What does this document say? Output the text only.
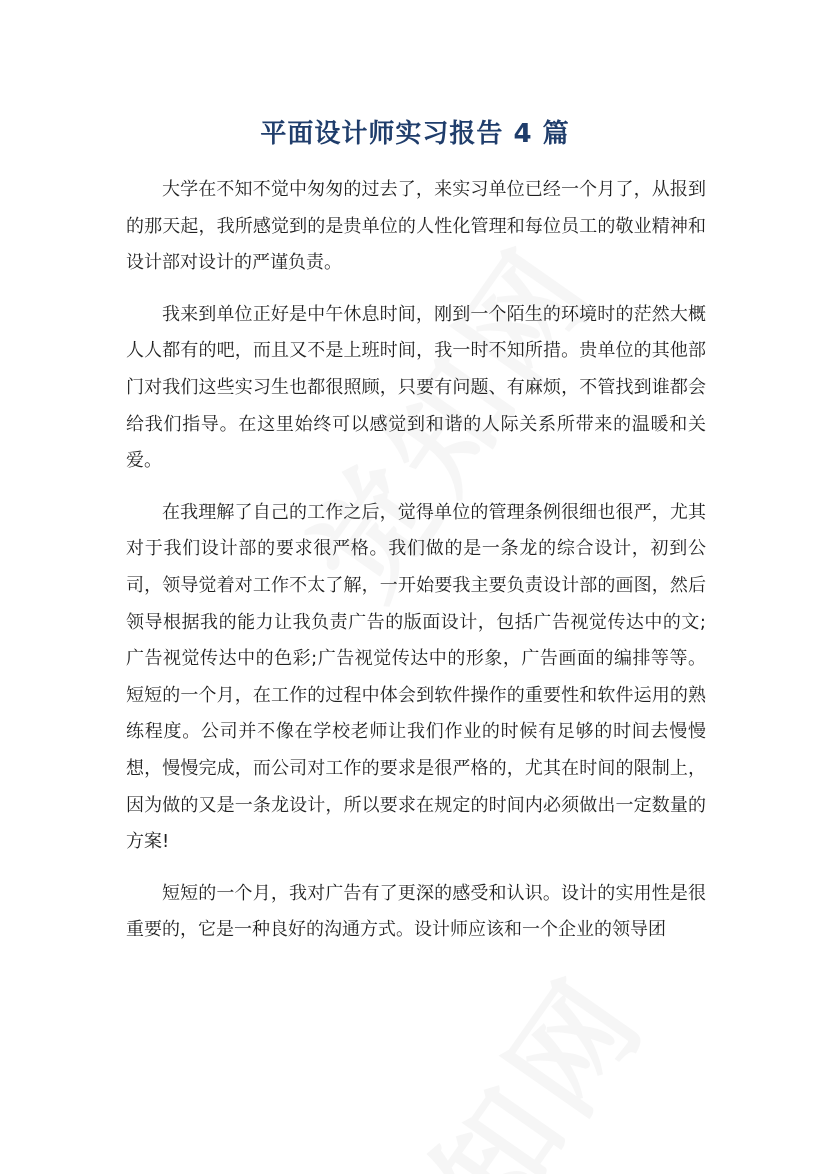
平面设计师实习报告 4 篇

大学在不知不觉中匆匆的过去了，来实习单位已经一个月了，从报到的那天起，我所感觉到的是贵单位的人性化管理和每位员工的敬业精神和设计部对设计的严谨负责。

我来到单位正好是中午休息时间，刚到一个陌生的环境时的茫然大概人人都有的吧，而且又不是上班时间，我一时不知所措。贵单位的其他部门对我们这些实习生也都很照顾，只要有问题、有麻烦，不管找到谁都会给我们指导。在这里始终可以感觉到和谐的人际关系所带来的温暖和关爱。

在我理解了自己的工作之后，觉得单位的管理条例很细也很严，尤其对于我们设计部的要求很严格。我们做的是一条龙的综合设计，初到公司，领导觉着对工作不太了解，一开始要我主要负责设计部的画图，然后领导根据我的能力让我负责广告的版面设计，包括广告视觉传达中的文;广告视觉传达中的色彩;广告视觉传达中的形象，广告画面的编排等等。短短的一个月，在工作的过程中体会到软件操作的重要性和软件运用的熟练程度。公司并不像在学校老师让我们作业的时候有足够的时间去慢慢想，慢慢完成，而公司对工作的要求是很严格的，尤其在时间的限制上，因为做的又是一条龙设计，所以要求在规定的时间内必须做出一定数量的方案!

短短的一个月，我对广告有了更深的感受和认识。设计的实用性是很重要的，它是一种良好的沟通方式。设计师应该和一个企业的领导团
